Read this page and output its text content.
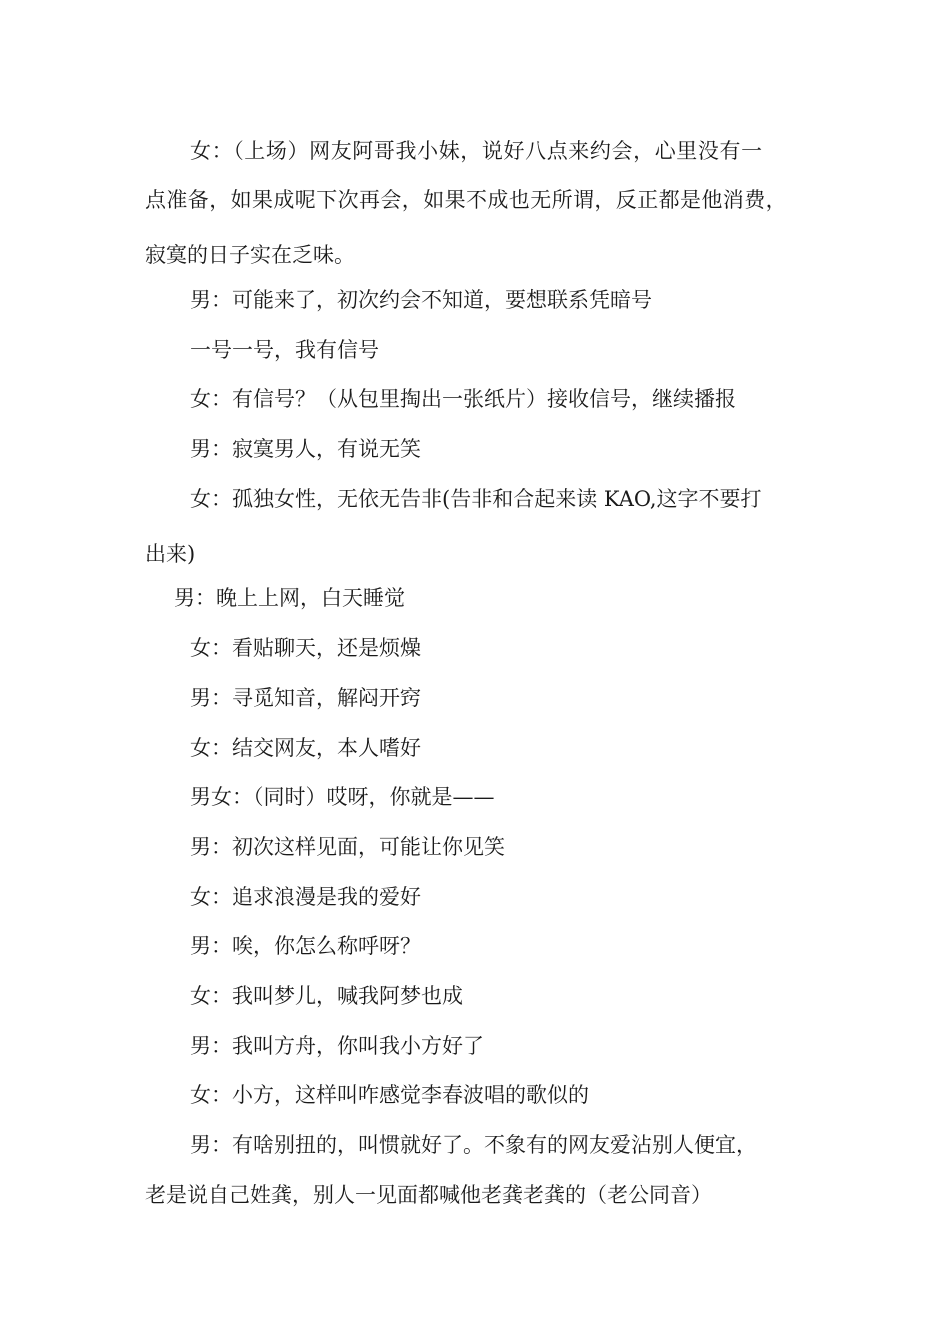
女：（上场）网友阿哥我小妹，说好八点来约会，心里没有一
点准备，如果成呢下次再会，如果不成也无所谓，反正都是他消费，
寂寞的日子实在乏味。
男：可能来了，初次约会不知道，要想联系凭暗号
一号一号，我有信号
女：有信号？（从包里掏出一张纸片）接收信号，继续播报
男：寂寞男人，有说无笑
女：孤独女性，无依无告非(告非和合起来读 KAO,这字不要打
出来)
男：晚上上网，白天睡觉
女：看贴聊天，还是烦燥
男：寻觅知音，解闷开窍
女：结交网友，本人嗜好
男女：（同时）哎呀，你就是——
男：初次这样见面，可能让你见笑
女：追求浪漫是我的爱好
男：唉，你怎么称呼呀？
女：我叫梦儿，喊我阿梦也成
男：我叫方舟，你叫我小方好了
女：小方，这样叫咋感觉李春波唱的歌似的
男：有啥别扭的，叫惯就好了。不象有的网友爱沾别人便宜，
老是说自己姓龚，别人一见面都喊他老龚老龚的（老公同音）
